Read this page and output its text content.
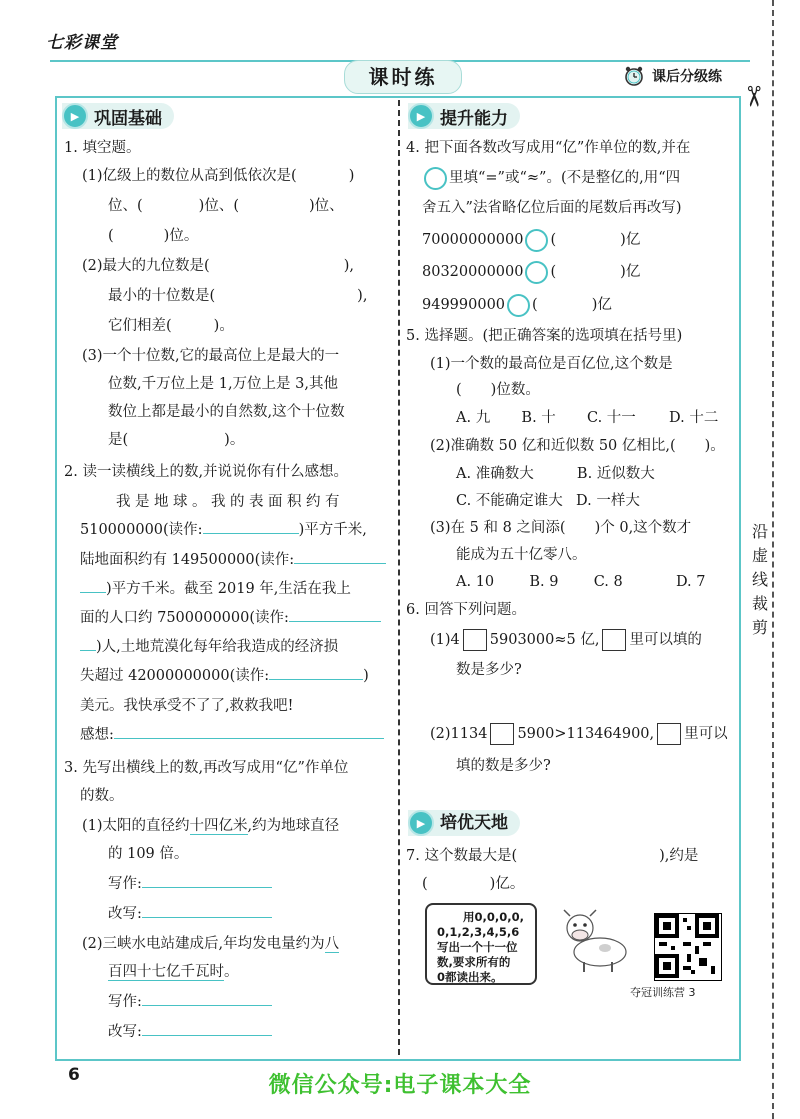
七彩课堂
课时练	课后分级练
✂
沿
虚
线
裁
剪
▶ 巩固基础
1. 填空题。
(1)亿级上的数位从高到低依次是(	)
位、(	)位、(	)位、
(	)位。
(2)最大的九位数是(	),
最小的十位数是(	),
它们相差(	)。
(3)一个十位数,它的最高位上是最大的一
位数,千万位上是 1,万位上是 3,其他
数位上都是最小的自然数,这个十位数
是(	)。
2. 读一读横线上的数,并说说你有什么感想。
我是地球。我的表面积约有
510000000(读作:	)平方千米,
陆地面积约有 149500000(读作:
)平方千米。截至 2019 年,生活在我上
面的人口约 7500000000(读作:
)人,土地荒漠化每年给我造成的经济损
失超过 42000000000(读作:	)
美元。我快承受不了了,救救我吧!
感想:
3. 先写出横线上的数,再改写成用“亿”作单位
的数。
(1)太阳的直径约十四亿米,约为地球直径
的 109 倍。
写作:
改写:
(2)三峡水电站建成后,年均发电量约为八
百四十七亿千瓦时。
写作:
改写:
▶ 提升能力
4. 把下面各数改写成用“亿”作单位的数,并在
里填“=”或“≈”。(不是整亿的,用“四
舍五入”法省略亿位后面的尾数后再改写)
70000000000 (	)亿
80320000000 (	)亿
949990000 (	)亿
5. 选择题。(把正确答案的选项填在括号里)
(1)一个数的最高位是百亿位,这个数是
(　　)位数。
A. 九 B. 十 C. 十一 D. 十二
(2)准确数 50 亿和近似数 50 亿相比,(　　)。
A. 准确数大	B. 近似数大
C. 不能确定谁大 D. 一样大
(3)在 5 和 8 之间添(　　)个 0,这个数才
能成为五十亿零八。
A. 10 B. 9 C. 8	D. 7
6. 回答下列问题。
(1)4 5903000≈5 亿, 里可以填的
数是多少?
(2)1134 5900>113464900, 里可以
填的数是多少?
▶ 培优天地
7. 这个数最大是(	),约是
(	)亿。
用0,0,0,0,
0,1,2,3,4,5,6
写出一个十一位
数,要求所有的
0都读出来。
夺冠训练营 3
6	微信公众号:电子课本大全
